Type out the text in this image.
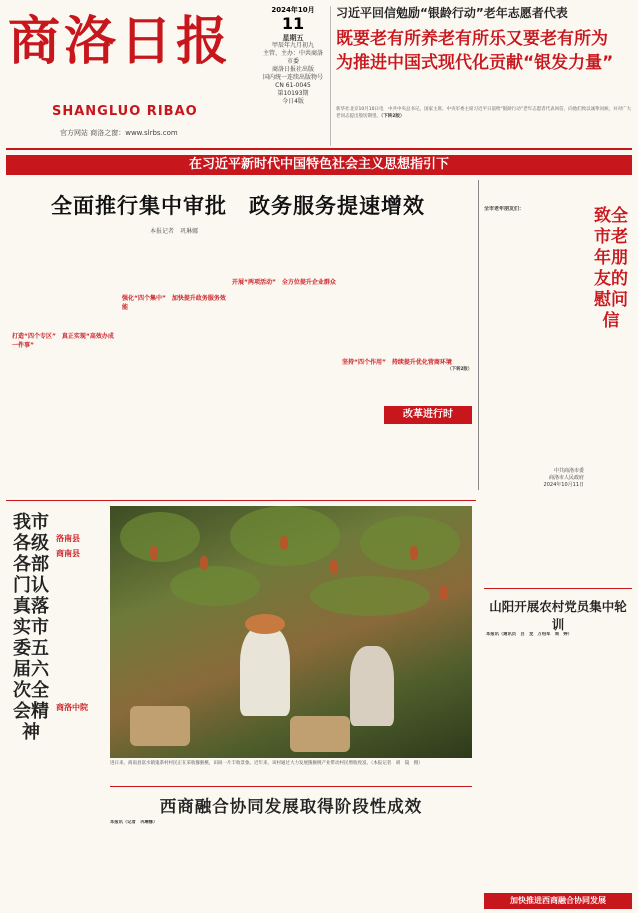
商洛日报
SHANGLUO RIBAO
官方网站 商洛之窗：www.slrbs.com
2024年10月
11
星期五
甲辰年九月初九
主管、主办：中共商洛市委
商洛日报社出版
国内统一连续出版物号
CN 61-0045
第10193期
今日4版
习近平回信勉励“银龄行动”老年志愿者代表
既要老有所养老有所乐又要老有所为
为推进中国式现代化贡献“银发力量”
新华社北京10月10日电　中共中央总书记、国家主席、中央军委主席习近平日前给“银龄行动”老年志愿者代表回信，向他们致以诚挚问候，并对广大老同志提出殷切期望。（下转2版）
在习近平新时代中国特色社会主义思想指引下
全面推行集中审批　政务服务提速增效
本报记者　巩琳娜
打造“四个专区”　真正实现“高效办成一件事”
强化“四个集中”　加快提升政务服务效能
开展“两项活动”　全方位提升企业群众
坚持“四个作用”　持续提升优化营商环境
（下转2版）
改革进行时
全市老年朋友们：
中共商洛市委
商洛市人民政府
2024年10月11日
致全市老年朋友的慰问信
我市各级各部门认真落实市委五届六次全会精神
洛南县
商南县
商洛中院
进日来，商南县富水镇鬼茶村村民正在采收猕猴桃，田间一片丰收景象。近年来，该村通过大力发展猕猴桃产业带动村民增收致富。（本报记者　胡　镜　摄）
山阳开展农村党员集中轮训
本报讯（通讯员　吕　龙　万绍军　周　婷）
西商融合协同发展取得阶段性成效
本报讯（记者　巩琳娜）
加快推进西商融合协同发展
